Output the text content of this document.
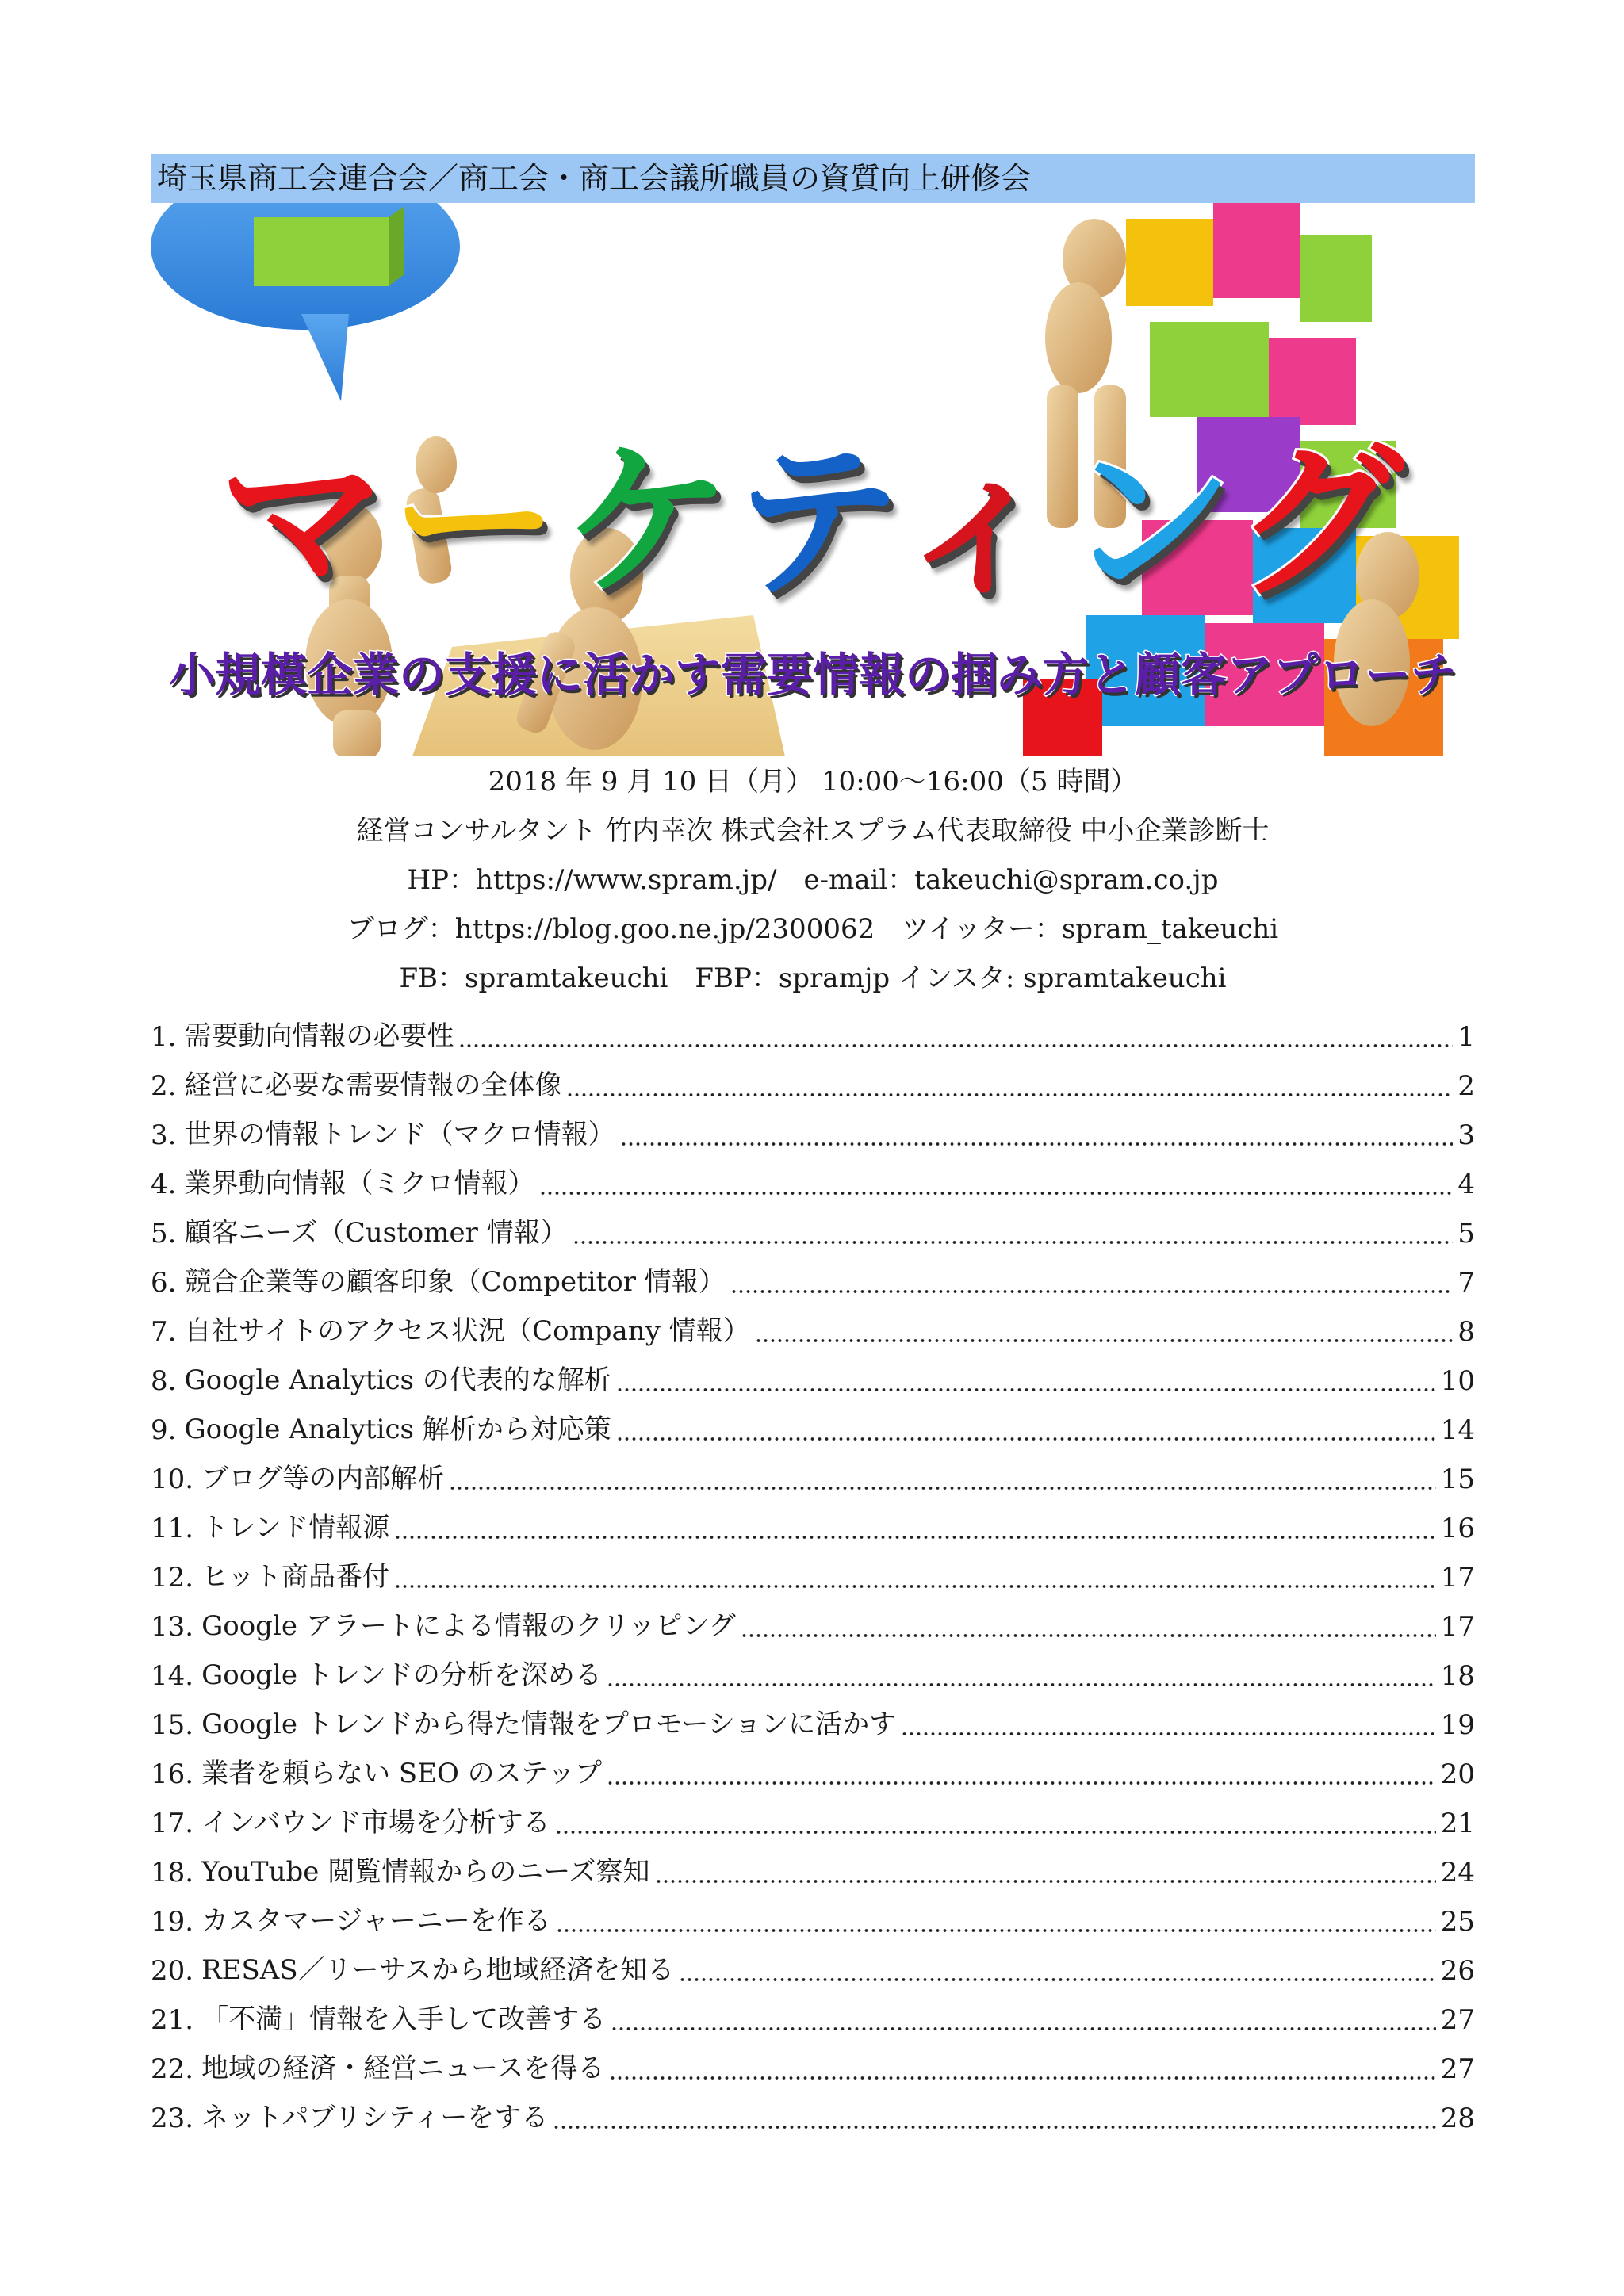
埼玉県商工会連合会／商工会・商工会議所職員の資質向上研修会
マーケティング
小規模企業の支援に活かす需要情報の掴み方と顧客アプローチ
2018 年 9 月 10 日（月） 10:00～16:00（5 時間）
経営コンサルタント 竹内幸次 株式会社スプラム代表取締役 中小企業診断士
HP：https://www.spram.jp/　e-mail：takeuchi@spram.co.jp
ブログ：https://blog.goo.ne.jp/2300062　ツイッター：spram_takeuchi
FB：spramtakeuchi　FBP：spramjp インスタ: spramtakeuchi
1. 需要動向情報の必要性	1
2. 経営に必要な需要情報の全体像	2
3. 世界の情報トレンド（マクロ情報）	3
4. 業界動向情報（ミクロ情報）	4
5. 顧客ニーズ（Customer 情報）	5
6. 競合企業等の顧客印象（Competitor 情報）	7
7. 自社サイトのアクセス状況（Company 情報）	8
8. Google Analytics の代表的な解析	10
9. Google Analytics 解析から対応策	14
10. ブログ等の内部解析	15
11. トレンド情報源	16
12. ヒット商品番付	17
13. Google アラートによる情報のクリッピング	17
14. Google トレンドの分析を深める	18
15. Google トレンドから得た情報をプロモーションに活かす	19
16. 業者を頼らない SEO のステップ	20
17. インバウンド市場を分析する	21
18. YouTube 閲覧情報からのニーズ察知	24
19. カスタマージャーニーを作る	25
20. RESAS／リーサスから地域経済を知る	26
21. 「不満」情報を入手して改善する	27
22. 地域の経済・経営ニュースを得る	27
23. ネットパブリシティーをする	28
